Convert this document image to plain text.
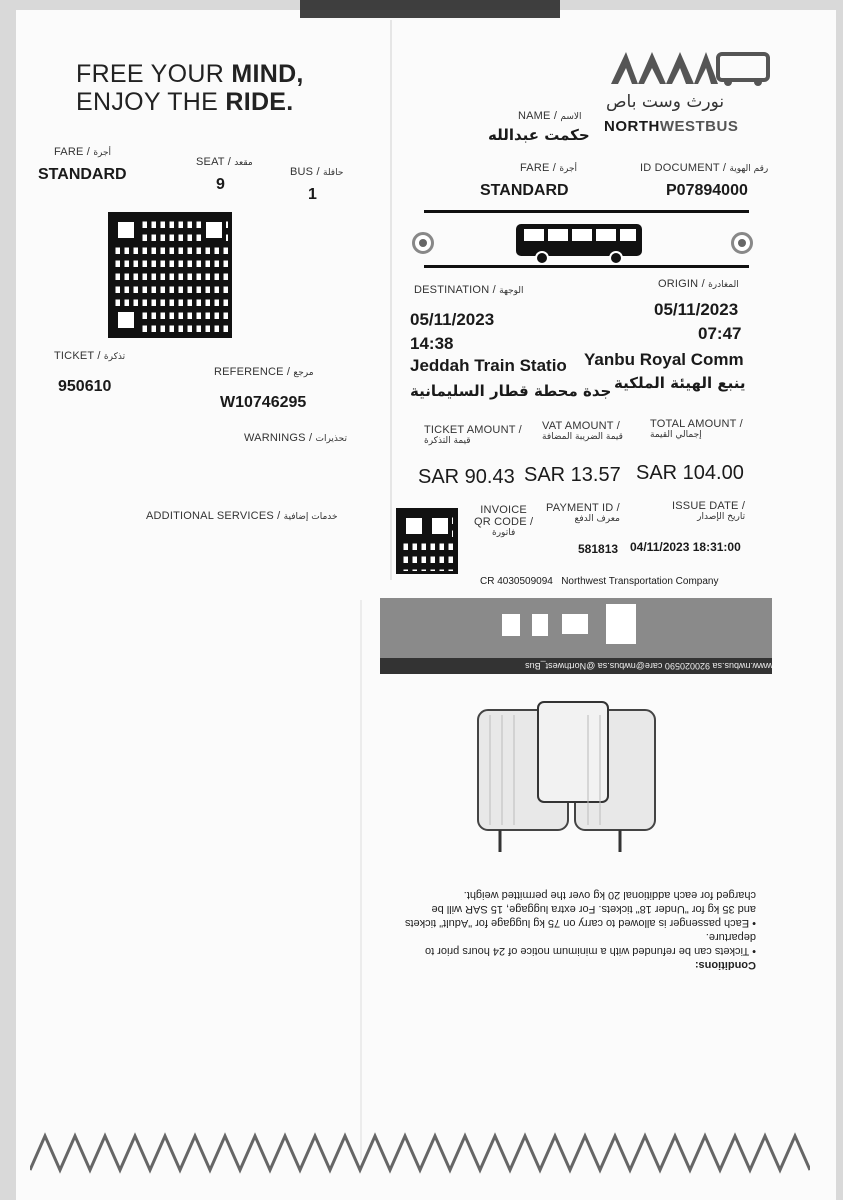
FREE YOUR MIND,
ENJOY THE RIDE.	نورث وست باص
NORTHWESTBUS
FARE / أجرة
STANDARD
SEAT / مقعد
9
BUS / حافلة
1
TICKET / تذكرة
950610
REFERENCE / مرجع
W10746295
WARNINGS / تحذيرات
ADDITIONAL SERVICES / خدمات إضافية
NAME / الاسم
حكمت عبدالله
FARE / أجرة
STANDARD
ID DOCUMENT / رقم الهوية
P07894000
DESTINATION / الوجهة
05/11/2023
14:38
Jeddah Train Statio
جدة محطة قطار السليمانية
ORIGIN / المغادرة
05/11/2023
07:47
Yanbu Royal Comm
ينبع الهيئة الملكية
TICKET AMOUNT /
قيمة التذكرة
VAT AMOUNT /
قيمة الضريبة المضافة
TOTAL AMOUNT /
إجمالي القيمة
SAR 90.43 SAR 13.57 SAR 104.00
INVOICE
QR CODE /
فاتورة
PAYMENT ID /
معرف الدفع
581813
ISSUE DATE /
تاريخ الإصدار
04/11/2023 18:31:00
CR 4030509094 Northwest Transportation Company
www.nwbus.sa 920020590 care@nwbus.sa @Northwest_Bus
Conditions:
• Tickets can be refunded with a minimum notice of 24 hours prior to departure.
• Each passenger is allowed to carry on 75 kg luggage for "Adult" tickets and 35 kg for "Under 18" tickets. For extra luggage, 15 SAR will be charged for each additional 20 kg over the permitted weight.
